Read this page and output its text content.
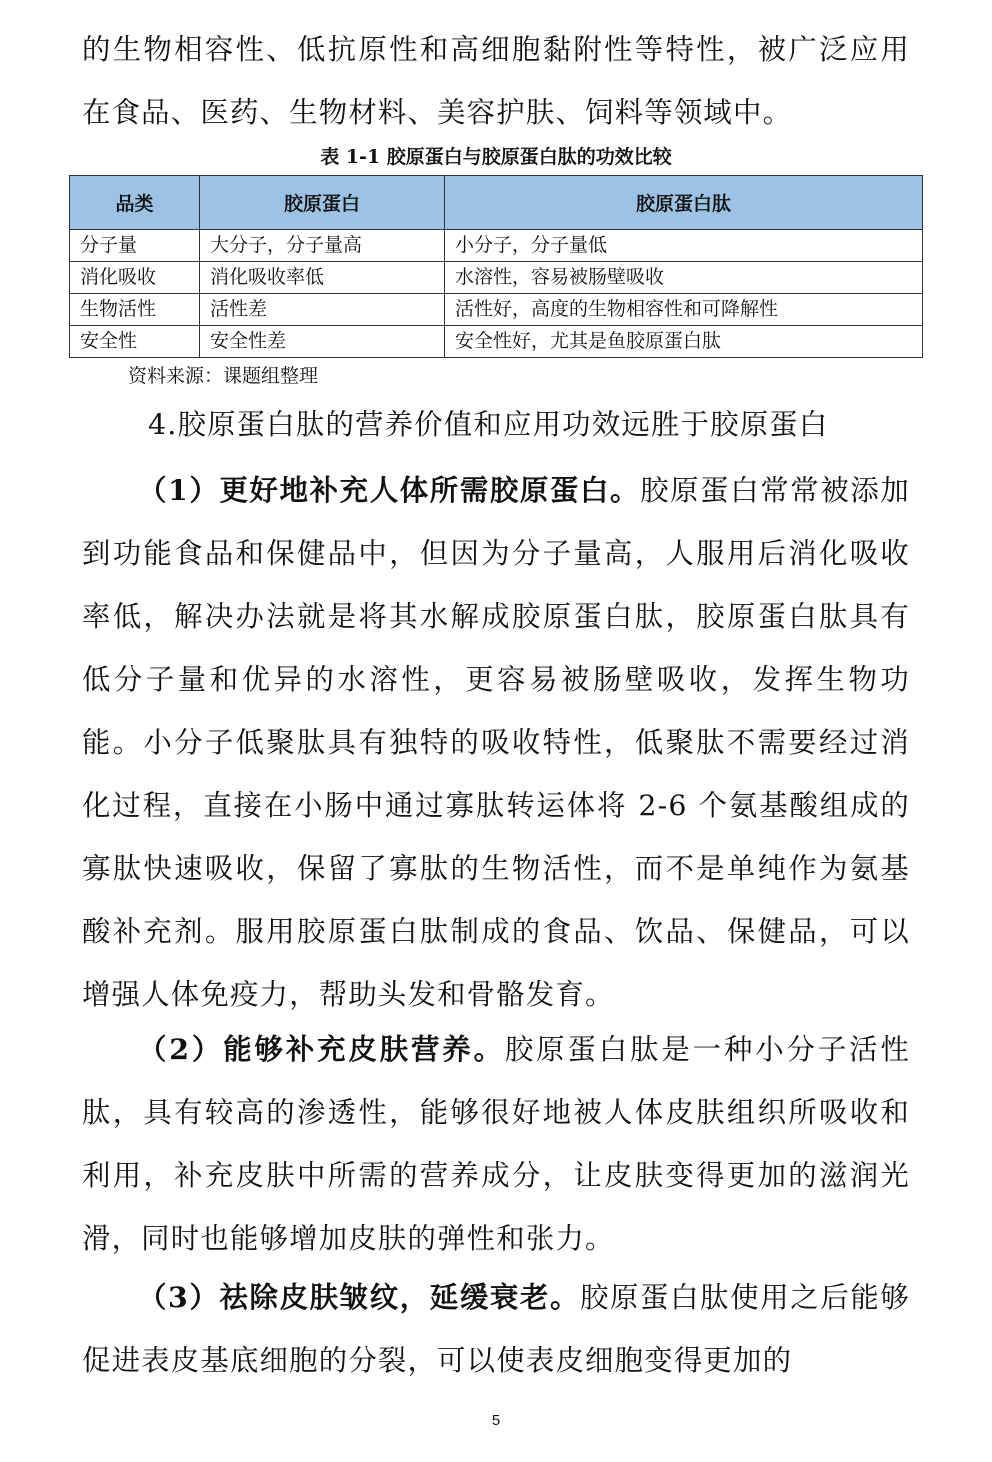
的生物相容性、低抗原性和高细胞黏附性等特性，被广泛应用在食品、医药、生物材料、美容护肤、饲料等领域中。

表 1-1 胶原蛋白与胶原蛋白肽的功效比较
品类	胶原蛋白	胶原蛋白肽
分子量	大分子，分子量高	小分子，分子量低
消化吸收	消化吸收率低	水溶性，容易被肠壁吸收
生物活性	活性差	活性好，高度的生物相容性和可降解性
安全性	安全性差	安全性好，尤其是鱼胶原蛋白肽
资料来源：课题组整理
4.胶原蛋白肽的营养价值和应用功效远胜于胶原蛋白

（1）更好地补充人体所需胶原蛋白。胶原蛋白常常被添加到功能食品和保健品中，但因为分子量高，人服用后消化吸收率低，解决办法就是将其水解成胶原蛋白肽，胶原蛋白肽具有低分子量和优异的水溶性，更容易被肠壁吸收，发挥生物功能。小分子低聚肽具有独特的吸收特性，低聚肽不需要经过消化过程，直接在小肠中通过寡肽转运体将 2-6 个氨基酸组成的寡肽快速吸收，保留了寡肽的生物活性，而不是单纯作为氨基酸补充剂。服用胶原蛋白肽制成的食品、饮品、保健品，可以增强人体免疫力，帮助头发和骨骼发育。

（2）能够补充皮肤营养。胶原蛋白肽是一种小分子活性肽，具有较高的渗透性，能够很好地被人体皮肤组织所吸收和利用，补充皮肤中所需的营养成分，让皮肤变得更加的滋润光滑，同时也能够增加皮肤的弹性和张力。

（3）祛除皮肤皱纹，延缓衰老。胶原蛋白肽使用之后能够促进表皮基底细胞的分裂，可以使表皮细胞变得更加的

5
